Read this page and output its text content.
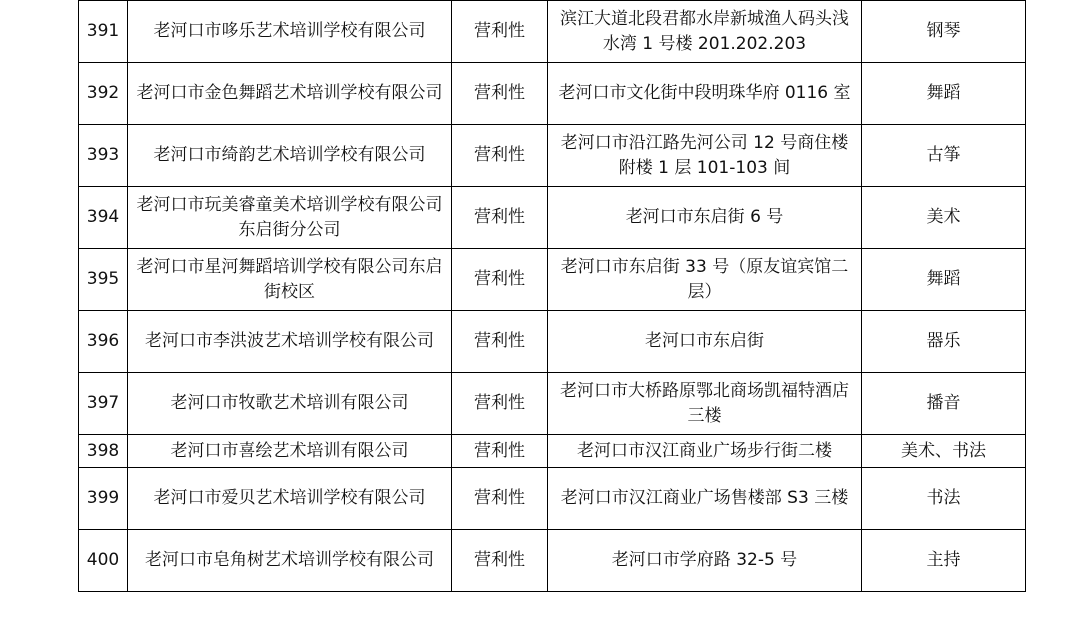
391	老河口市哆乐艺术培训学校有限公司	营利性	滨江大道北段君都水岸新城渔人码头浅水湾 1 号楼 201.202.203	钢琴
392	老河口市金色舞蹈艺术培训学校有限公司	营利性	老河口市文化街中段明珠华府 0116 室	舞蹈
393	老河口市绮韵艺术培训学校有限公司	营利性	老河口市沿江路先河公司 12 号商住楼附楼 1 层 101-103 间	古筝
394	老河口市玩美睿童美术培训学校有限公司东启街分公司	营利性	老河口市东启街 6 号	美术
395	老河口市星河舞蹈培训学校有限公司东启街校区	营利性	老河口市东启街 33 号（原友谊宾馆二层）	舞蹈
396	老河口市李洪波艺术培训学校有限公司	营利性	老河口市东启街	器乐
397	老河口市牧歌艺术培训有限公司	营利性	老河口市大桥路原鄂北商场凯福特酒店三楼	播音
398	老河口市喜绘艺术培训有限公司	营利性	老河口市汉江商业广场步行街二楼	美术、书法
399	老河口市爱贝艺术培训学校有限公司	营利性	老河口市汉江商业广场售楼部 S3 三楼	书法
400	老河口市皂角树艺术培训学校有限公司	营利性	老河口市学府路 32-5 号	主持
